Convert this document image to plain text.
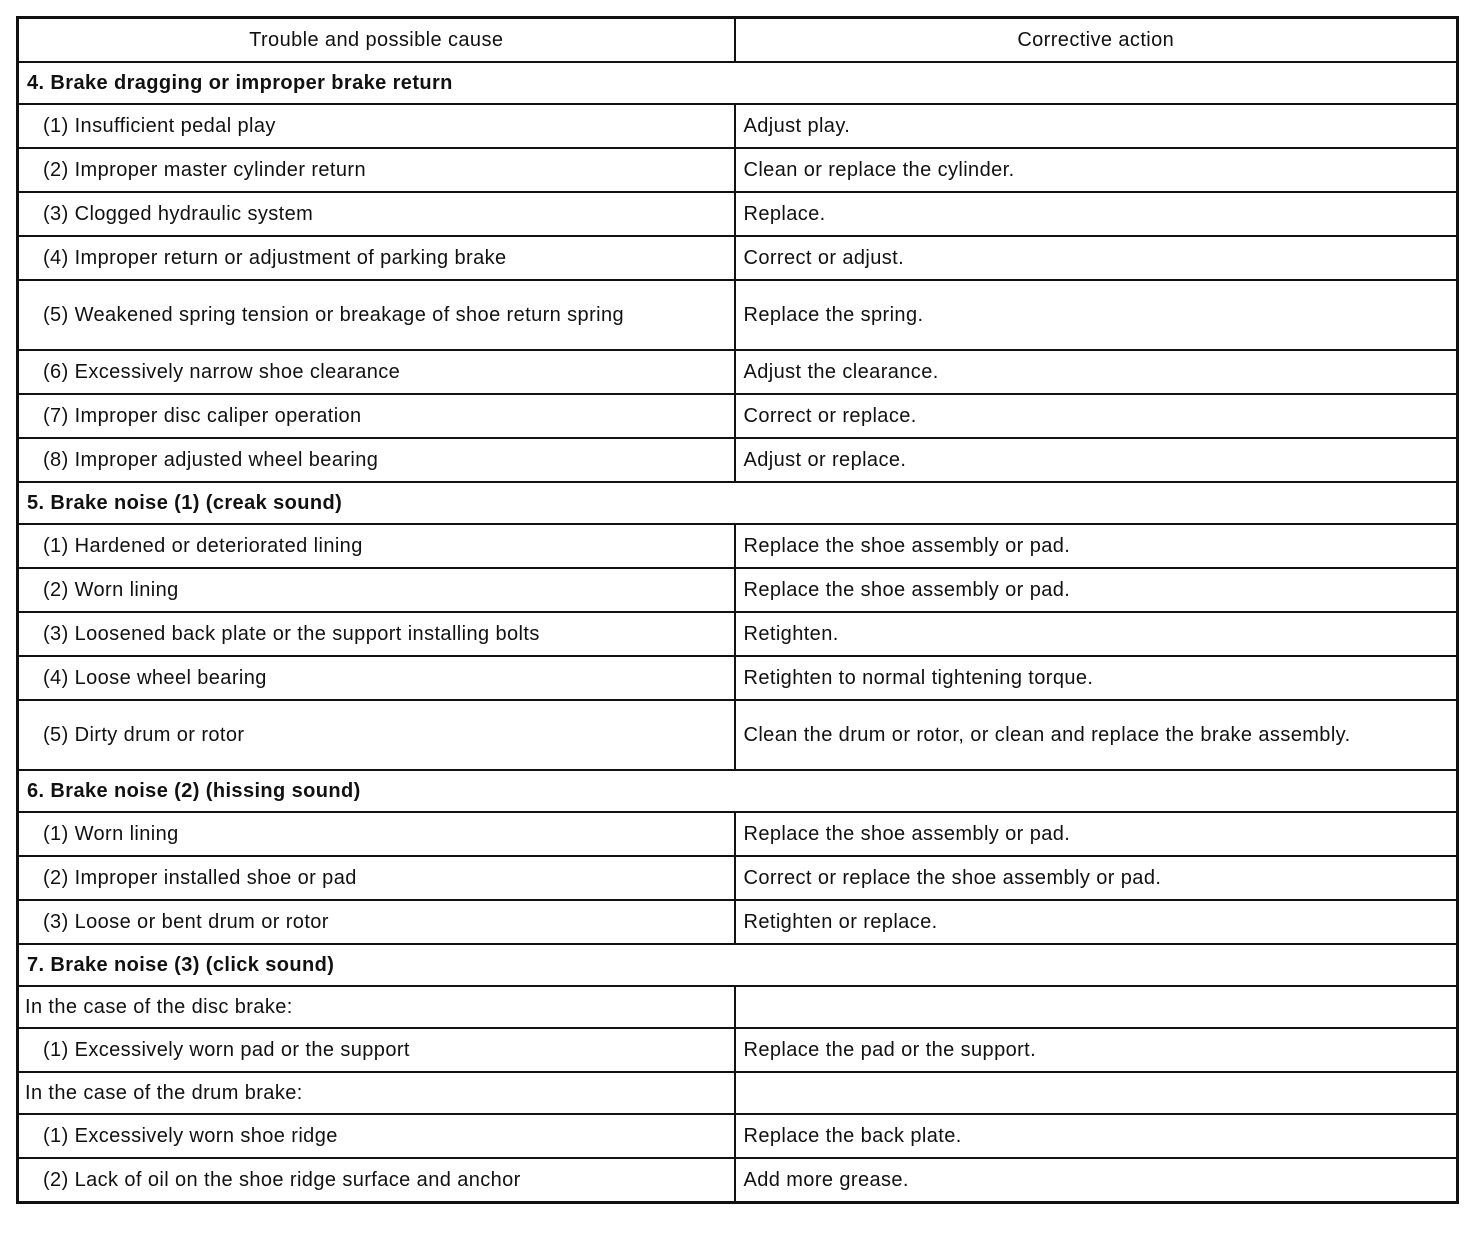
Trouble and possible cause	Corrective action
4. Brake dragging or improper brake return	
(1) Insufficient pedal play	Adjust play.
(2) Improper master cylinder return	Clean or replace the cylinder.
(3) Clogged hydraulic system	Replace.
(4) Improper return or adjustment of parking brake	Correct or adjust.
(5) Weakened spring tension or breakage of shoe return spring	Replace the spring.
(6) Excessively narrow shoe clearance	Adjust the clearance.
(7) Improper disc caliper operation	Correct or replace.
(8) Improper adjusted wheel bearing	Adjust or replace.
5. Brake noise (1) (creak sound)	
(1) Hardened or deteriorated lining	Replace the shoe assembly or pad.
(2) Worn lining	Replace the shoe assembly or pad.
(3) Loosened back plate or the support installing bolts	Retighten.
(4) Loose wheel bearing	Retighten to normal tightening torque.
(5) Dirty drum or rotor	Clean the drum or rotor, or clean and replace the brake assembly.
6. Brake noise (2) (hissing sound)	
(1) Worn lining	Replace the shoe assembly or pad.
(2) Improper installed shoe or pad	Correct or replace the shoe assembly or pad.
(3) Loose or bent drum or rotor	Retighten or replace.
7. Brake noise (3) (click sound)	
In the case of the disc brake:	
(1) Excessively worn pad or the support	Replace the pad or the support.
In the case of the drum brake:	
(1) Excessively worn shoe ridge	Replace the back plate.
(2) Lack of oil on the shoe ridge surface and anchor	Add more grease.
